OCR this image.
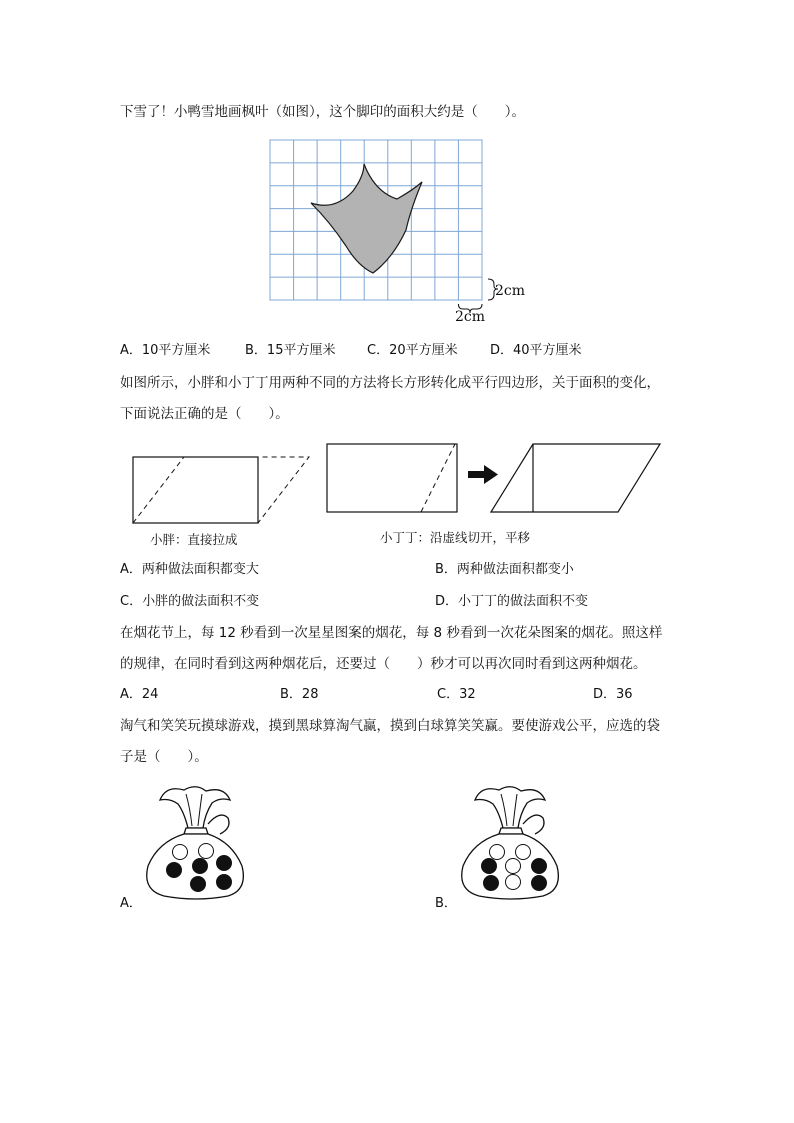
下雪了！小鸭雪地画枫叶（如图），这个脚印的面积大约是（　　）。
2cm
2cm
A．10平方厘米	B．15平方厘米 C．20平方厘米 D．40平方厘米
如图所示，小胖和小丁丁用两种不同的方法将长方形转化成平行四边形，关于面积的变化，
下面说法正确的是（　　）。
小胖：直接拉成	小丁丁：沿虚线切开，平移
A．两种做法面积都变大	B．两种做法面积都变小
C．小胖的做法面积不变	D．小丁丁的做法面积不变
在烟花节上，每 12 秒看到一次星星图案的烟花，每 8 秒看到一次花朵图案的烟花。照这样
的规律，在同时看到这两种烟花后，还要过（　　）秒才可以再次同时看到这两种烟花。
A．24	B．28	C．32	D．36
淘气和笑笑玩摸球游戏，摸到黑球算淘气赢，摸到白球算笑笑赢。要使游戏公平，应选的袋
子是（　　）。
A．	B．
